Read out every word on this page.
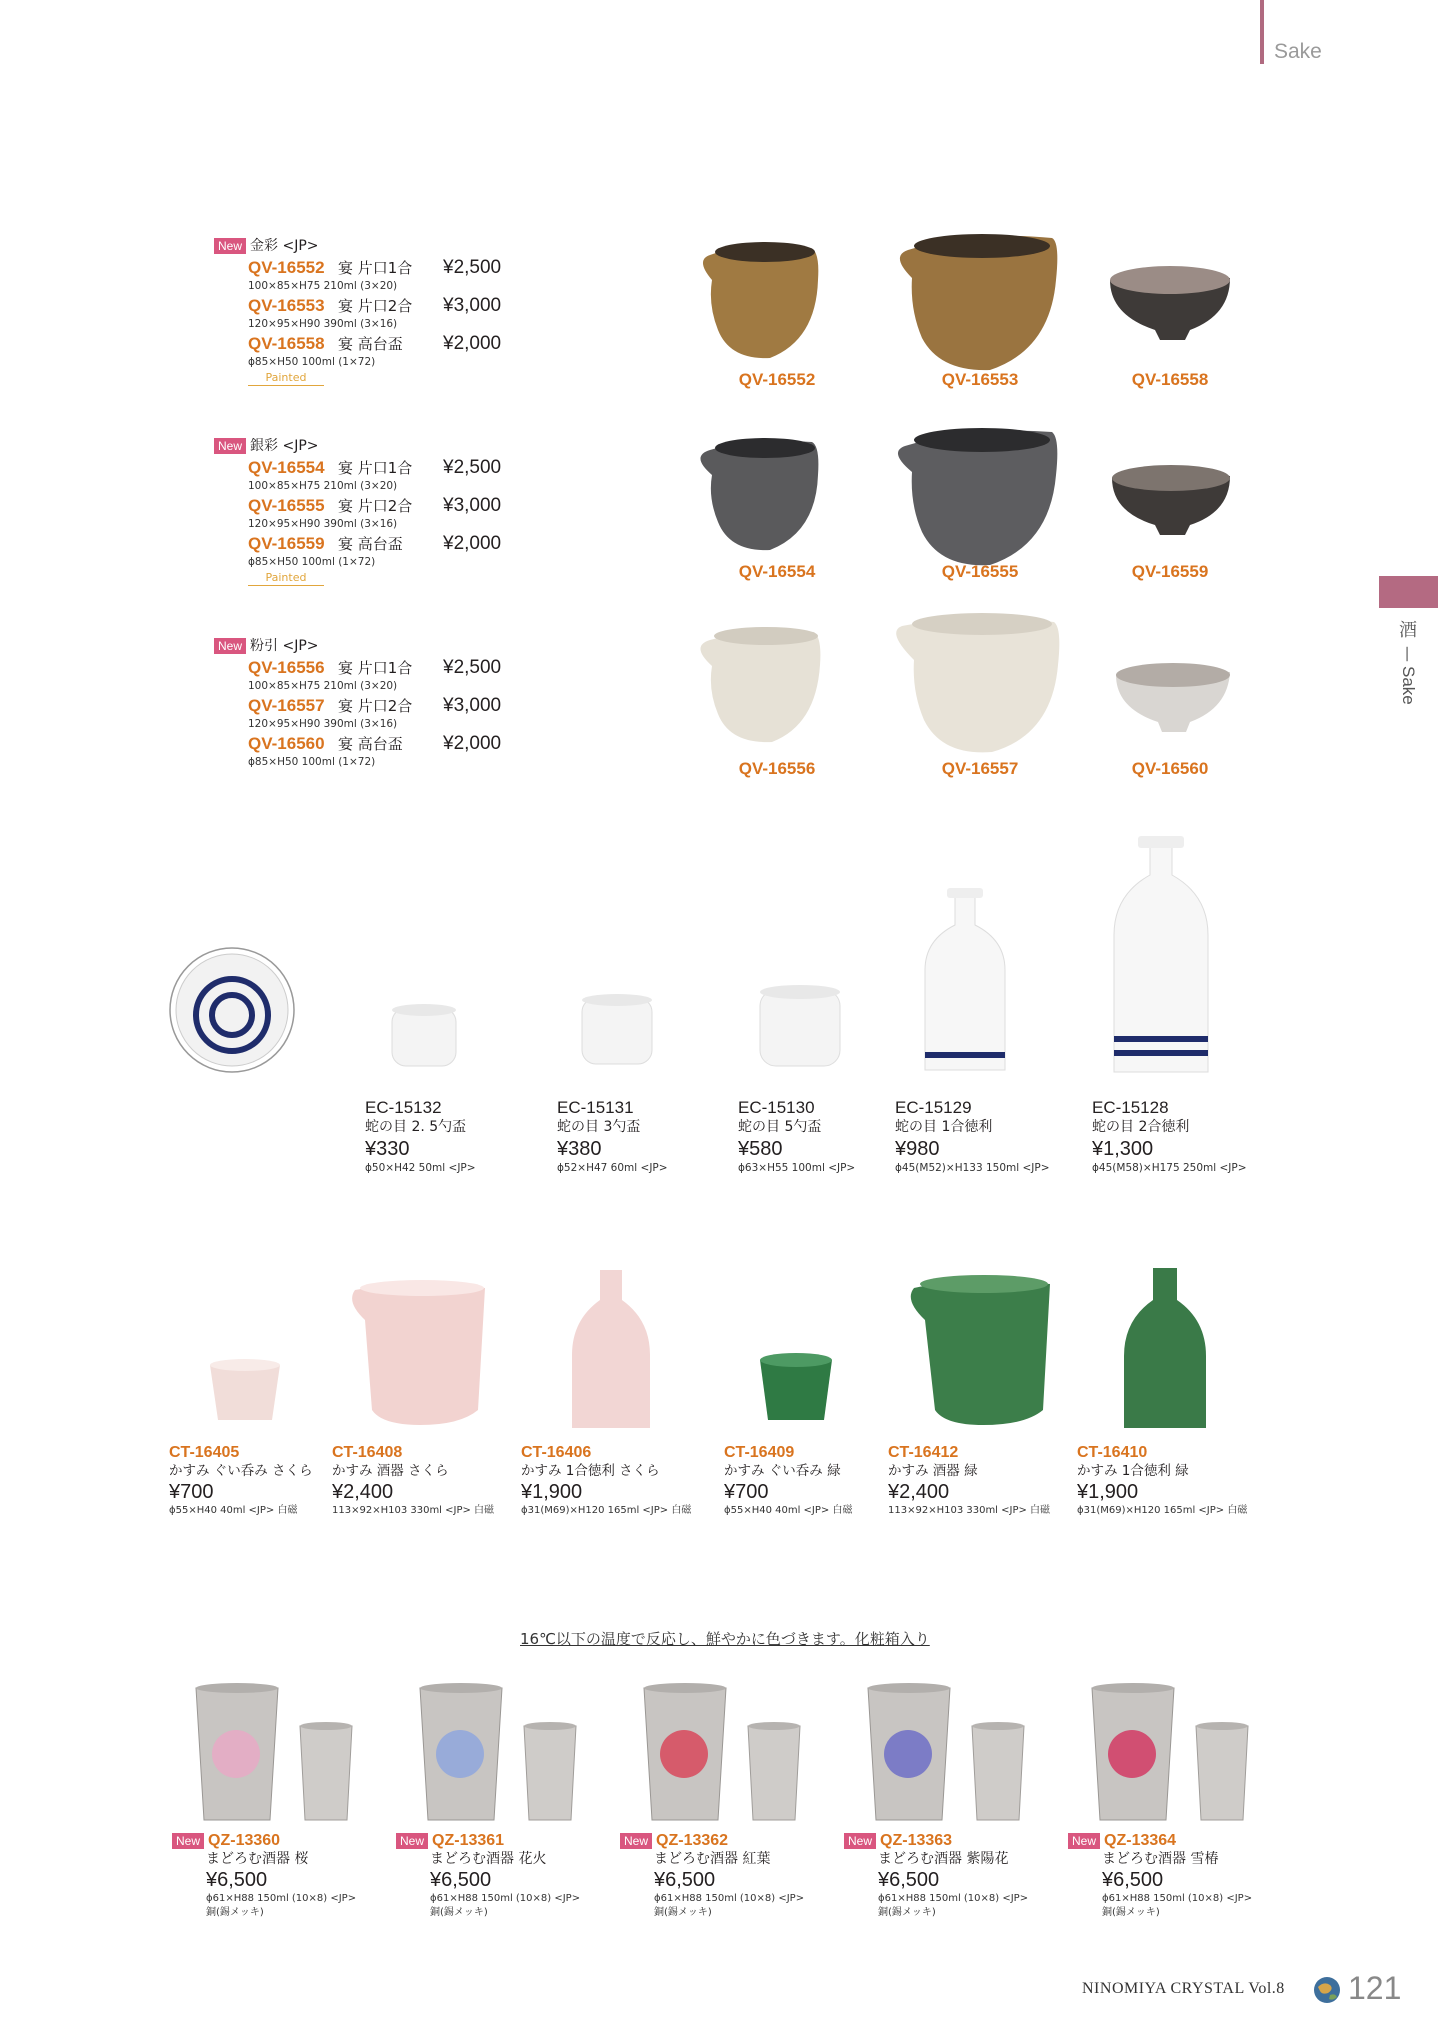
Sake
酒
—
Sake
New 金彩 <JP>
QV-16552 宴 片口1合	¥2,500
100×85×H75 210ml (3×20)
QV-16553 宴 片口2合	¥3,000
120×95×H90 390ml (3×16)
QV-16558 宴 高台盃	¥2,000
ϕ85×H50 100ml (1×72)
Painted
New 銀彩 <JP>
QV-16554 宴 片口1合	¥2,500
100×85×H75 210ml (3×20)
QV-16555 宴 片口2合	¥3,000
120×95×H90 390ml (3×16)
QV-16559 宴 高台盃	¥2,000
ϕ85×H50 100ml (1×72)
Painted
New 粉引 <JP>
QV-16556 宴 片口1合	¥2,500
100×85×H75 210ml (3×20)
QV-16557 宴 片口2合	¥3,000
120×95×H90 390ml (3×16)
QV-16560 宴 高台盃	¥2,000
ϕ85×H50 100ml (1×72)
QV-16552	QV-16553	QV-16558
QV-16554	QV-16555	QV-16559
QV-16556	QV-16557	QV-16560
EC-15132
蛇の目 2. 5勺盃
¥330
ϕ50×H42 50ml <JP>
EC-15131
蛇の目 3勺盃
¥380
ϕ52×H47 60ml <JP>
EC-15130
蛇の目 5勺盃
¥580
ϕ63×H55 100ml <JP>
EC-15129
蛇の目 1合徳利
¥980
ϕ45(M52)×H133 150ml <JP>
EC-15128
蛇の目 2合徳利
¥1,300
ϕ45(M58)×H175 250ml <JP>
CT-16405
かすみ ぐい呑み さくら
¥700
ϕ55×H40 40ml <JP> 白磁
CT-16408
かすみ 酒器 さくら
¥2,400
113×92×H103 330ml <JP> 白磁
CT-16406
かすみ 1合徳利 さくら
¥1,900
ϕ31(M69)×H120 165ml <JP> 白磁
CT-16409
かすみ ぐい呑み 緑
¥700
ϕ55×H40 40ml <JP> 白磁
CT-16412
かすみ 酒器 緑
¥2,400
113×92×H103 330ml <JP> 白磁
CT-16410
かすみ 1合徳利 緑
¥1,900
ϕ31(M69)×H120 165ml <JP> 白磁
16℃以下の温度で反応し、鮮やかに色づきます。化粧箱入り
New QZ-13360
まどろむ酒器 桜
¥6,500
ϕ61×H88 150ml (10×8) <JP>
銅(錫メッキ)
New QZ-13361
まどろむ酒器 花火
¥6,500
ϕ61×H88 150ml (10×8) <JP>
銅(錫メッキ)
New QZ-13362
まどろむ酒器 紅葉
¥6,500
ϕ61×H88 150ml (10×8) <JP>
銅(錫メッキ)
New QZ-13363
まどろむ酒器 紫陽花
¥6,500
ϕ61×H88 150ml (10×8) <JP>
銅(錫メッキ)
New QZ-13364
まどろむ酒器 雪椿
¥6,500
ϕ61×H88 150ml (10×8) <JP>
銅(錫メッキ)
NINOMIYA CRYSTAL Vol.8 121
